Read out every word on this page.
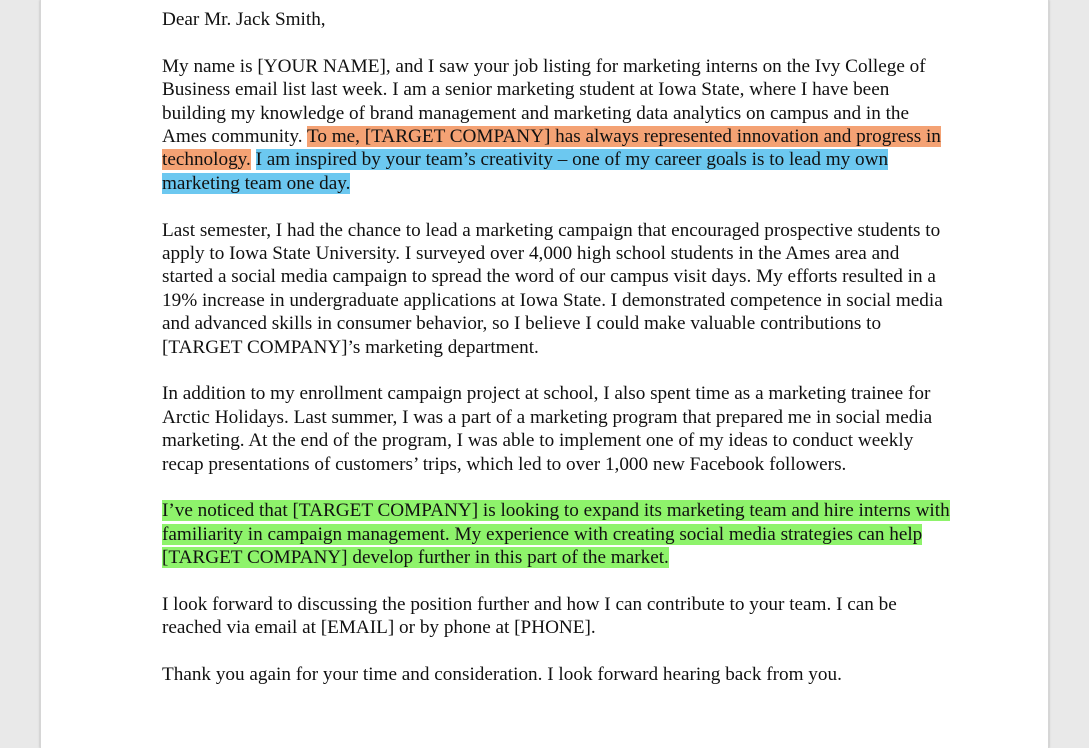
Dear Mr. Jack Smith,

My name is [YOUR NAME], and I saw your job listing for marketing interns on the Ivy College of Business email list last week. I am a senior marketing student at Iowa State, where I have been building my knowledge of brand management and marketing data analytics on campus and in the Ames community. To me, [TARGET COMPANY] has always represented innovation and progress in technology. I am inspired by your team’s creativity – one of my career goals is to lead my own marketing team one day.

Last semester, I had the chance to lead a marketing campaign that encouraged prospective students to apply to Iowa State University. I surveyed over 4,000 high school students in the Ames area and started a social media campaign to spread the word of our campus visit days. My efforts resulted in a 19% increase in undergraduate applications at Iowa State. I demonstrated competence in social media and advanced skills in consumer behavior, so I believe I could make valuable contributions to [TARGET COMPANY]’s marketing department.

In addition to my enrollment campaign project at school, I also spent time as a marketing trainee for Arctic Holidays. Last summer, I was a part of a marketing program that prepared me in social media marketing. At the end of the program, I was able to implement one of my ideas to conduct weekly recap presentations of customers’ trips, which led to over 1,000 new Facebook followers.

I’ve noticed that [TARGET COMPANY] is looking to expand its marketing team and hire interns with familiarity in campaign management. My experience with creating social media strategies can help [TARGET COMPANY] develop further in this part of the market.

I look forward to discussing the position further and how I can contribute to your team. I can be reached via email at [EMAIL] or by phone at [PHONE].

Thank you again for your time and consideration. I look forward hearing back from you.
